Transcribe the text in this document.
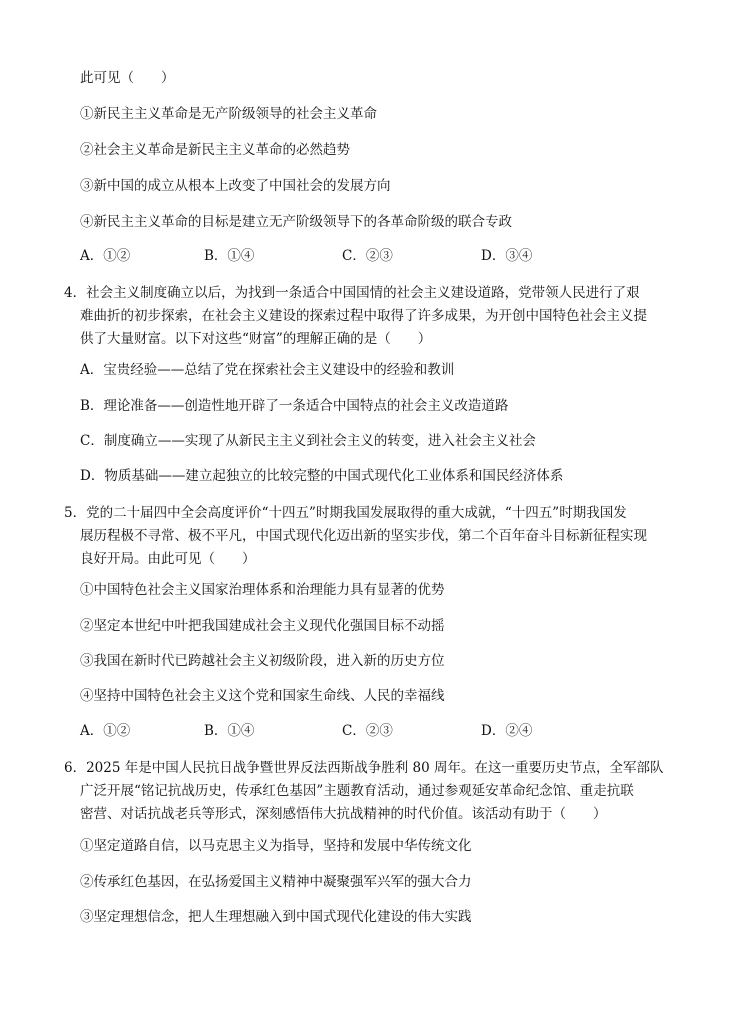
此可见（　　）
①新民主主义革命是无产阶级领导的社会主义革命
②社会主义革命是新民主主义革命的必然趋势
③新中国的成立从根本上改变了中国社会的发展方向
④新民主主义革命的目标是建立无产阶级领导下的各革命阶级的联合专政
A．①②	B．①④	C．②③	D．③④
4．社会主义制度确立以后，为找到一条适合中国国情的社会主义建设道路，党带领人民进行了艰
难曲折的初步探索，在社会主义建设的探索过程中取得了许多成果，为开创中国特色社会主义提
供了大量财富。以下对这些“财富”的理解正确的是（　　）
A．宝贵经验——总结了党在探索社会主义建设中的经验和教训
B．理论准备——创造性地开辟了一条适合中国特点的社会主义改造道路
C．制度确立——实现了从新民主主义到社会主义的转变，进入社会主义社会
D．物质基础——建立起独立的比较完整的中国式现代化工业体系和国民经济体系
5．党的二十届四中全会高度评价“十四五”时期我国发展取得的重大成就，“十四五”时期我国发
展历程极不寻常、极不平凡，中国式现代化迈出新的坚实步伐，第二个百年奋斗目标新征程实现
良好开局。由此可见（　　）
①中国特色社会主义国家治理体系和治理能力具有显著的优势
②坚定本世纪中叶把我国建成社会主义现代化强国目标不动摇
③我国在新时代已跨越社会主义初级阶段，进入新的历史方位
④坚持中国特色社会主义这个党和国家生命线、人民的幸福线
A．①②	B．①④	C．②③	D．②④
6．2025 年是中国人民抗日战争暨世界反法西斯战争胜利 80 周年。在这一重要历史节点，全军部队
广泛开展“铭记抗战历史，传承红色基因”主题教育活动，通过参观延安革命纪念馆、重走抗联
密营、对话抗战老兵等形式，深刻感悟伟大抗战精神的时代价值。该活动有助于（　　）
①坚定道路自信，以马克思主义为指导，坚持和发展中华传统文化
②传承红色基因，在弘扬爱国主义精神中凝聚强军兴军的强大合力
③坚定理想信念，把人生理想融入到中国式现代化建设的伟大实践
